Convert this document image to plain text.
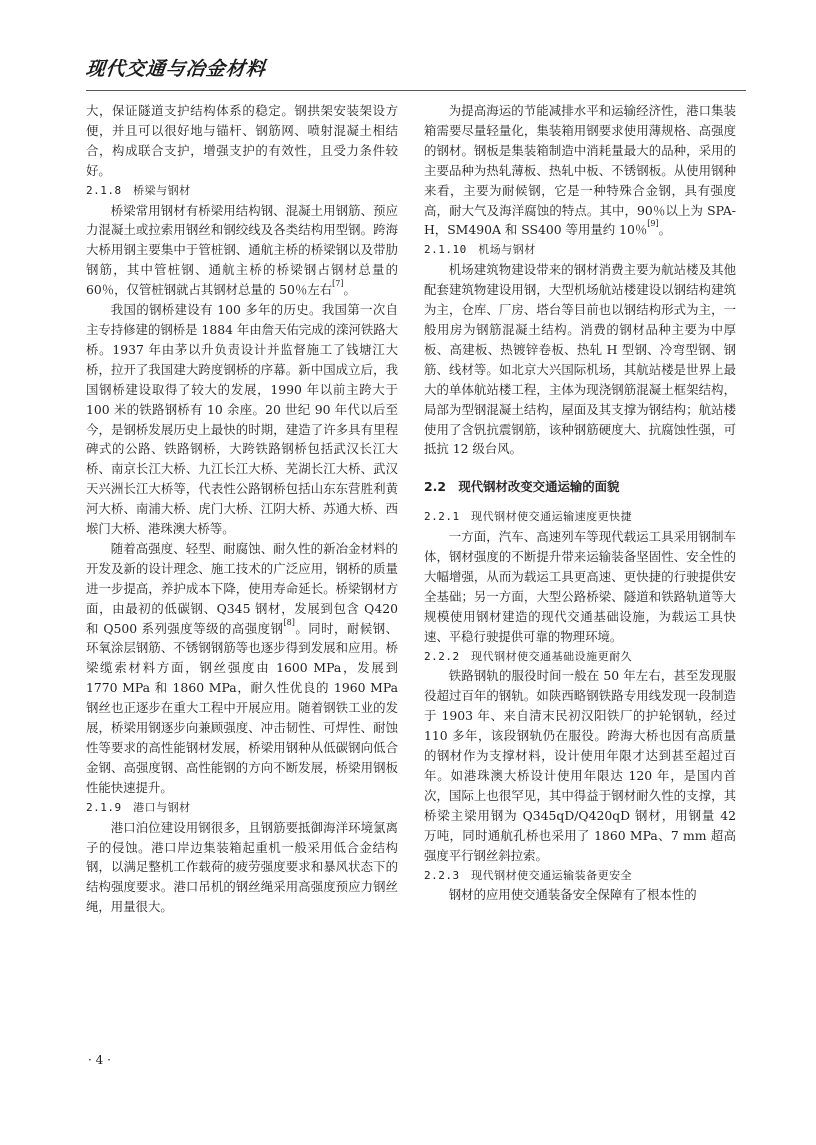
现代交通与冶金材料

大，保证隧道支护结构体系的稳定。钢拱架安装架设方便，并且可以很好地与锚杆、钢筋网、喷射混凝土相结合，构成联合支护，增强支护的有效性，且受力条件较好。

2.1.8　桥梁与钢材

桥梁常用钢材有桥梁用结构钢、混凝土用钢筋、预应力混凝土或拉索用钢丝和钢绞线及各类结构用型钢。跨海大桥用钢主要集中于管桩钢、通航主桥的桥梁钢以及带肋钢筋，其中管桩钢、通航主桥的桥梁钢占钢材总量的 60％，仅管桩钢就占其钢材总量的 50％左右[7]。

我国的钢桥建设有 100 多年的历史。我国第一次自主专持修建的钢桥是 1884 年由詹天佑完成的滦河铁路大桥。1937 年由茅以升负责设计并监督施工了钱塘江大桥，拉开了我国建大跨度钢桥的序幕。新中国成立后，我国钢桥建设取得了较大的发展，1990 年以前主跨大于 100 米的铁路钢桥有 10 余座。20 世纪 90 年代以后至今，是钢桥发展历史上最快的时期，建造了许多具有里程碑式的公路、铁路钢桥，大跨铁路钢桥包括武汉长江大桥、南京长江大桥、九江长江大桥、芜湖长江大桥、武汉天兴洲长江大桥等，代表性公路钢桥包括山东东营胜利黄河大桥、南浦大桥、虎门大桥、江阴大桥、苏通大桥、西堠门大桥、港珠澳大桥等。

随着高强度、轻型、耐腐蚀、耐久性的新冶金材料的开发及新的设计理念、施工技术的广泛应用，钢桥的质量进一步提高，养护成本下降，使用寿命延长。桥梁钢材方面，由最初的低碳钢、Q345 钢材，发展到包含 Q420 和 Q500 系列强度等级的高强度钢[8]。同时，耐候钢、环氧涂层钢筋、不锈钢钢筋等也逐步得到发展和应用。桥梁缆索材料方面，钢丝强度由 1600 MPa，发展到 1770 MPa 和 1860 MPa，耐久性优良的 1960 MPa 钢丝也正逐步在重大工程中开展应用。随着钢铁工业的发展，桥梁用钢逐步向兼顾强度、冲击韧性、可焊性、耐蚀性等要求的高性能钢材发展，桥梁用钢种从低碳钢向低合金钢、高强度钢、高性能钢的方向不断发展，桥梁用钢板性能快速提升。

2.1.9　港口与钢材

港口泊位建设用钢很多，且钢筋要抵御海洋环境氯离子的侵蚀。港口岸边集装箱起重机一般采用低合金结构钢，以满足整机工作载荷的疲劳强度要求和暴风状态下的结构强度要求。港口吊机的钢丝绳采用高强度预应力钢丝绳，用量很大。

为提高海运的节能减排水平和运输经济性，港口集装箱需要尽量轻量化，集装箱用钢要求使用薄规格、高强度的钢材。钢板是集装箱制造中消耗量最大的品种，采用的主要品种为热轧薄板、热轧中板、不锈钢板。从使用钢种来看，主要为耐候钢，它是一种特殊合金钢，具有强度高，耐大气及海洋腐蚀的特点。其中，90％以上为 SPA-H，SM490A 和 SS400 等用量约 10％[9]。

2.1.10　机场与钢材

机场建筑物建设带来的钢材消费主要为航站楼及其他配套建筑物建设用钢，大型机场航站楼建设以钢结构建筑为主，仓库、厂房、塔台等目前也以钢结构形式为主，一般用房为钢筋混凝土结构。消费的钢材品种主要为中厚板、高建板、热镀锌卷板、热轧 H 型钢、冷弯型钢、钢筋、线材等。如北京大兴国际机场，其航站楼是世界上最大的单体航站楼工程，主体为现浇钢筋混凝土框架结构，局部为型钢混凝土结构，屋面及其支撑为钢结构；航站楼使用了含钒抗震钢筋，该种钢筋硬度大、抗腐蚀性强，可抵抗 12 级台风。

2.2　现代钢材改变交通运输的面貌

2.2.1　现代钢材使交通运输速度更快捷

一方面，汽车、高速列车等现代载运工具采用钢制车体，钢材强度的不断提升带来运输装备坚固性、安全性的大幅增强，从而为载运工具更高速、更快捷的行驶提供安全基础；另一方面，大型公路桥梁、隧道和铁路轨道等大规模使用钢材建造的现代交通基础设施，为载运工具快速、平稳行驶提供可靠的物理环境。

2.2.2　现代钢材使交通基础设施更耐久

铁路钢轨的服役时间一般在 50 年左右，甚至发现服役超过百年的钢轨。如陕西略钢铁路专用线发现一段制造于 1903 年、来自清末民初汉阳铁厂的护轮钢轨，经过 110 多年，该段钢轨仍在服役。跨海大桥也因有高质量的钢材作为支撑材料，设计使用年限才达到甚至超过百年。如港珠澳大桥设计使用年限达 120 年，是国内首次，国际上也很罕见，其中得益于钢材耐久性的支撑，其桥梁主梁用钢为 Q345qD/Q420qD 钢材，用钢量 42 万吨，同时通航孔桥也采用了 1860 MPa、7 mm 超高强度平行钢丝斜拉索。

2.2.3　现代钢材使交通运输装备更安全

钢材的应用使交通装备安全保障有了根本性的

· 4 ·
